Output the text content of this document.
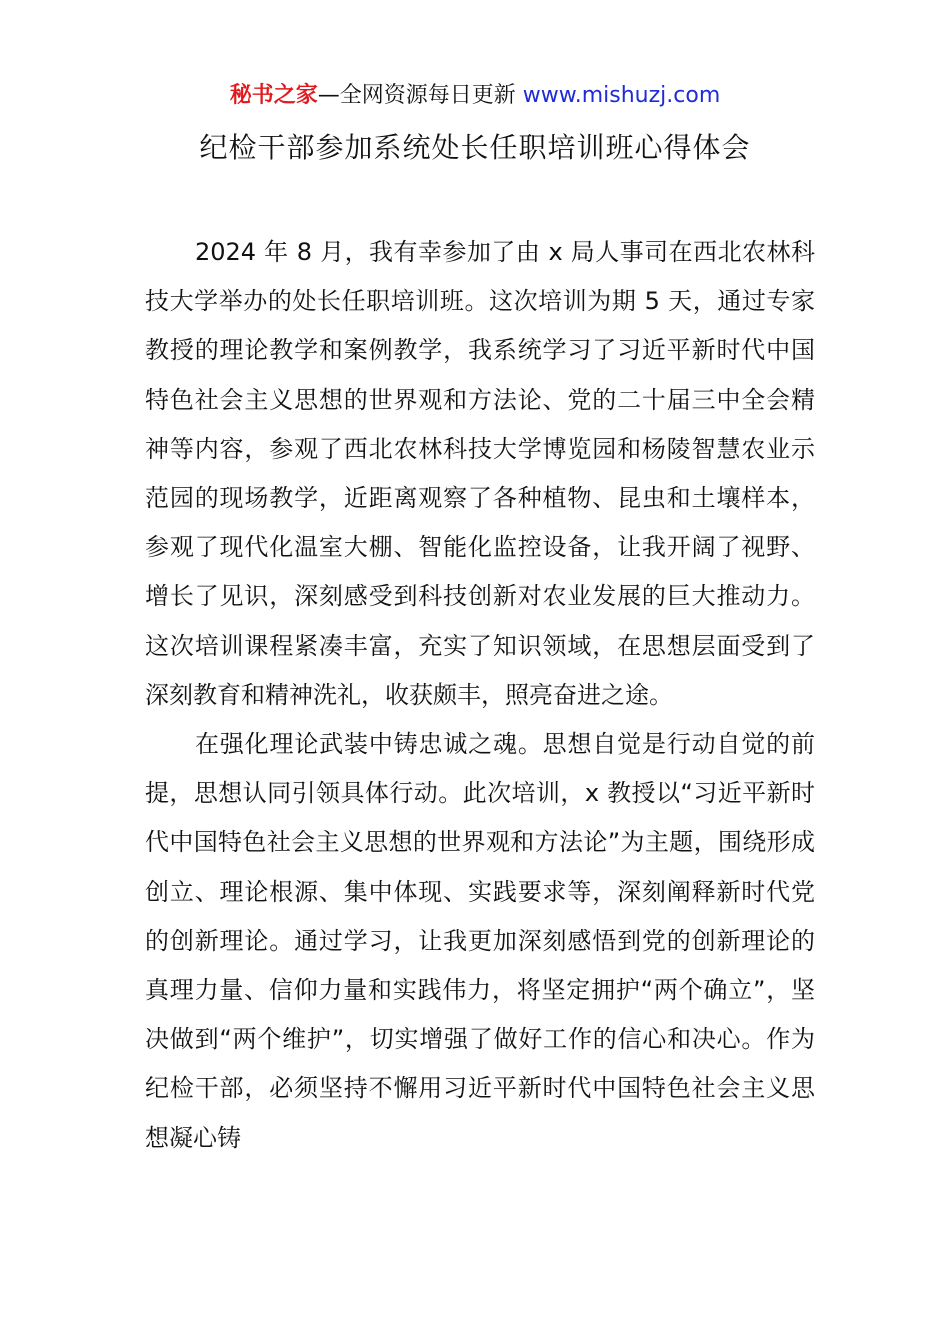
秘书之家—全网资源每日更新 www.mishuzj.com
纪检干部参加系统处长任职培训班心得体会

2024 年 8 月，我有幸参加了由 x 局人事司在西北农林科技大学举办的处长任职培训班。这次培训为期 5 天，通过专家教授的理论教学和案例教学，我系统学习了习近平新时代中国特色社会主义思想的世界观和方法论、党的二十届三中全会精神等内容，参观了西北农林科技大学博览园和杨陵智慧农业示范园的现场教学，近距离观察了各种植物、昆虫和土壤样本，参观了现代化温室大棚、智能化监控设备，让我开阔了视野、增长了见识，深刻感受到科技创新对农业发展的巨大推动力。这次培训课程紧凑丰富，充实了知识领域，在思想层面受到了深刻教育和精神洗礼，收获颇丰，照亮奋进之途。

在强化理论武装中铸忠诚之魂。思想自觉是行动自觉的前提，思想认同引领具体行动。此次培训，x 教授以“习近平新时代中国特色社会主义思想的世界观和方法论”为主题，围绕形成创立、理论根源、集中体现、实践要求等，深刻阐释新时代党的创新理论。通过学习，让我更加深刻感悟到党的创新理论的真理力量、信仰力量和实践伟力，将坚定拥护“两个确立”，坚决做到“两个维护”，切实增强了做好工作的信心和决心。作为纪检干部，必须坚持不懈用习近平新时代中国特色社会主义思想凝心铸
